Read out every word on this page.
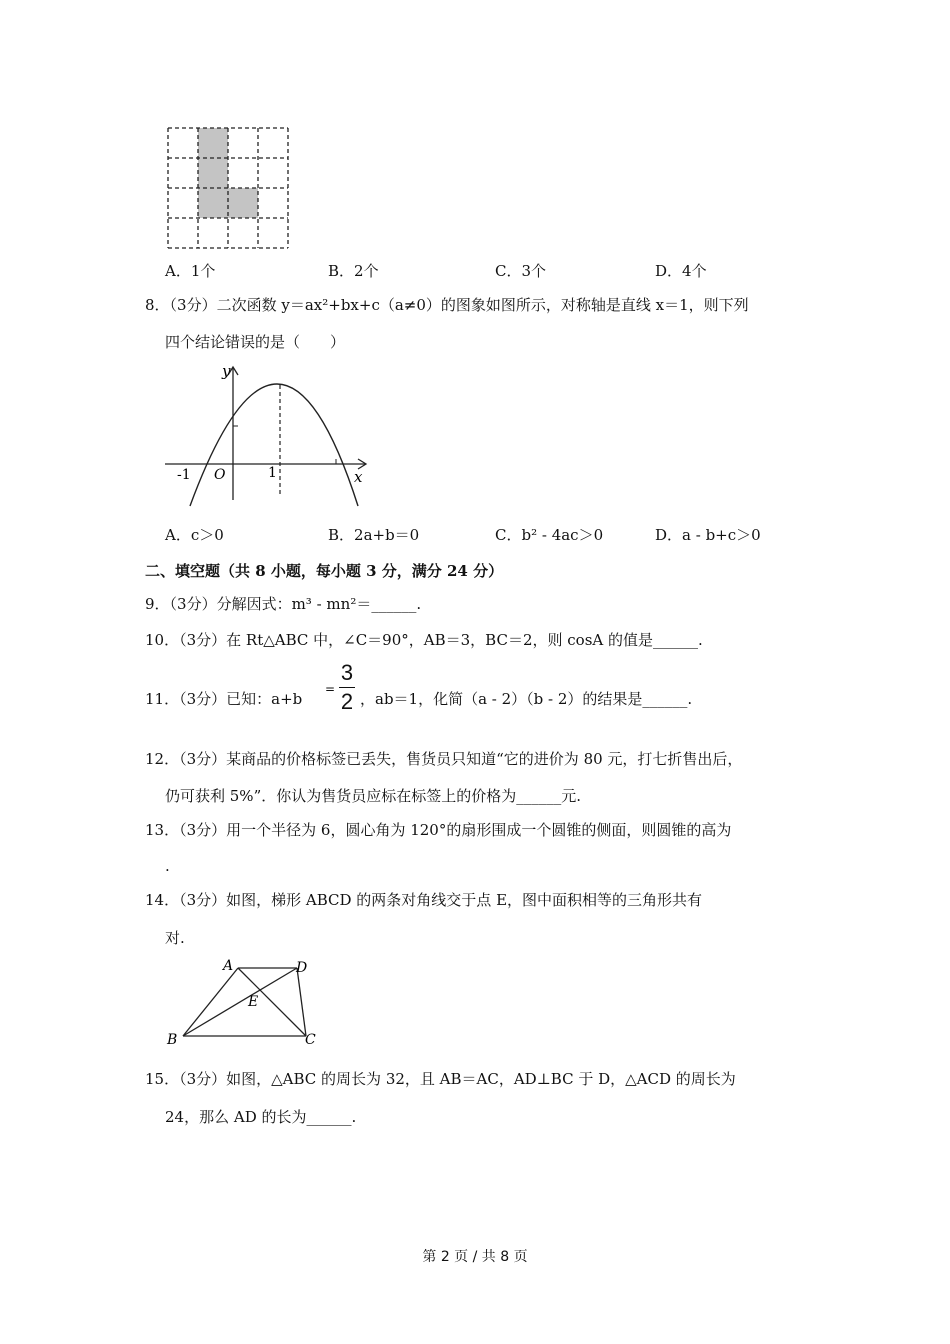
A．1个	B．2个	C．3个	D．4个
8．（3分）二次函数 y＝ax²+bx+c（a≠0）的图象如图所示，对称轴是直线 x＝1，则下列
四个结论错误的是（　　）
y
x
-1 O	1
A．c＞0	B．2a+b＝0	C．b² - 4ac＞0	D．a - b+c＞0
二、填空题（共 8 小题，每小题 3 分，满分 24 分）
9．（3分）分解因式：m³ - mn²＝______.
10．（3分）在 Rt△ABC 中，∠C＝90°，AB＝3，BC＝2，则 cosA 的值是______.
11．（3分）已知：a+b
=
3
2 ，ab＝1，化简（a - 2）（b - 2）的结果是______.
12．（3分）某商品的价格标签已丢失，售货员只知道“它的进价为 80 元，打七折售出后，
仍可获利 5%”．你认为售货员应标在标签上的价格为______元.
13．（3分）用一个半径为 6，圆心角为 120°的扇形围成一个圆锥的侧面，则圆锥的高为
.
14．（3分）如图，梯形 ABCD 的两条对角线交于点 E，图中面积相等的三角形共有
对.
A	D
E
B	C
15．（3分）如图，△ABC 的周长为 32，且 AB＝AC，AD⊥BC 于 D，△ACD 的周长为
24，那么 AD 的长为______.
第 2 页 / 共 8 页
